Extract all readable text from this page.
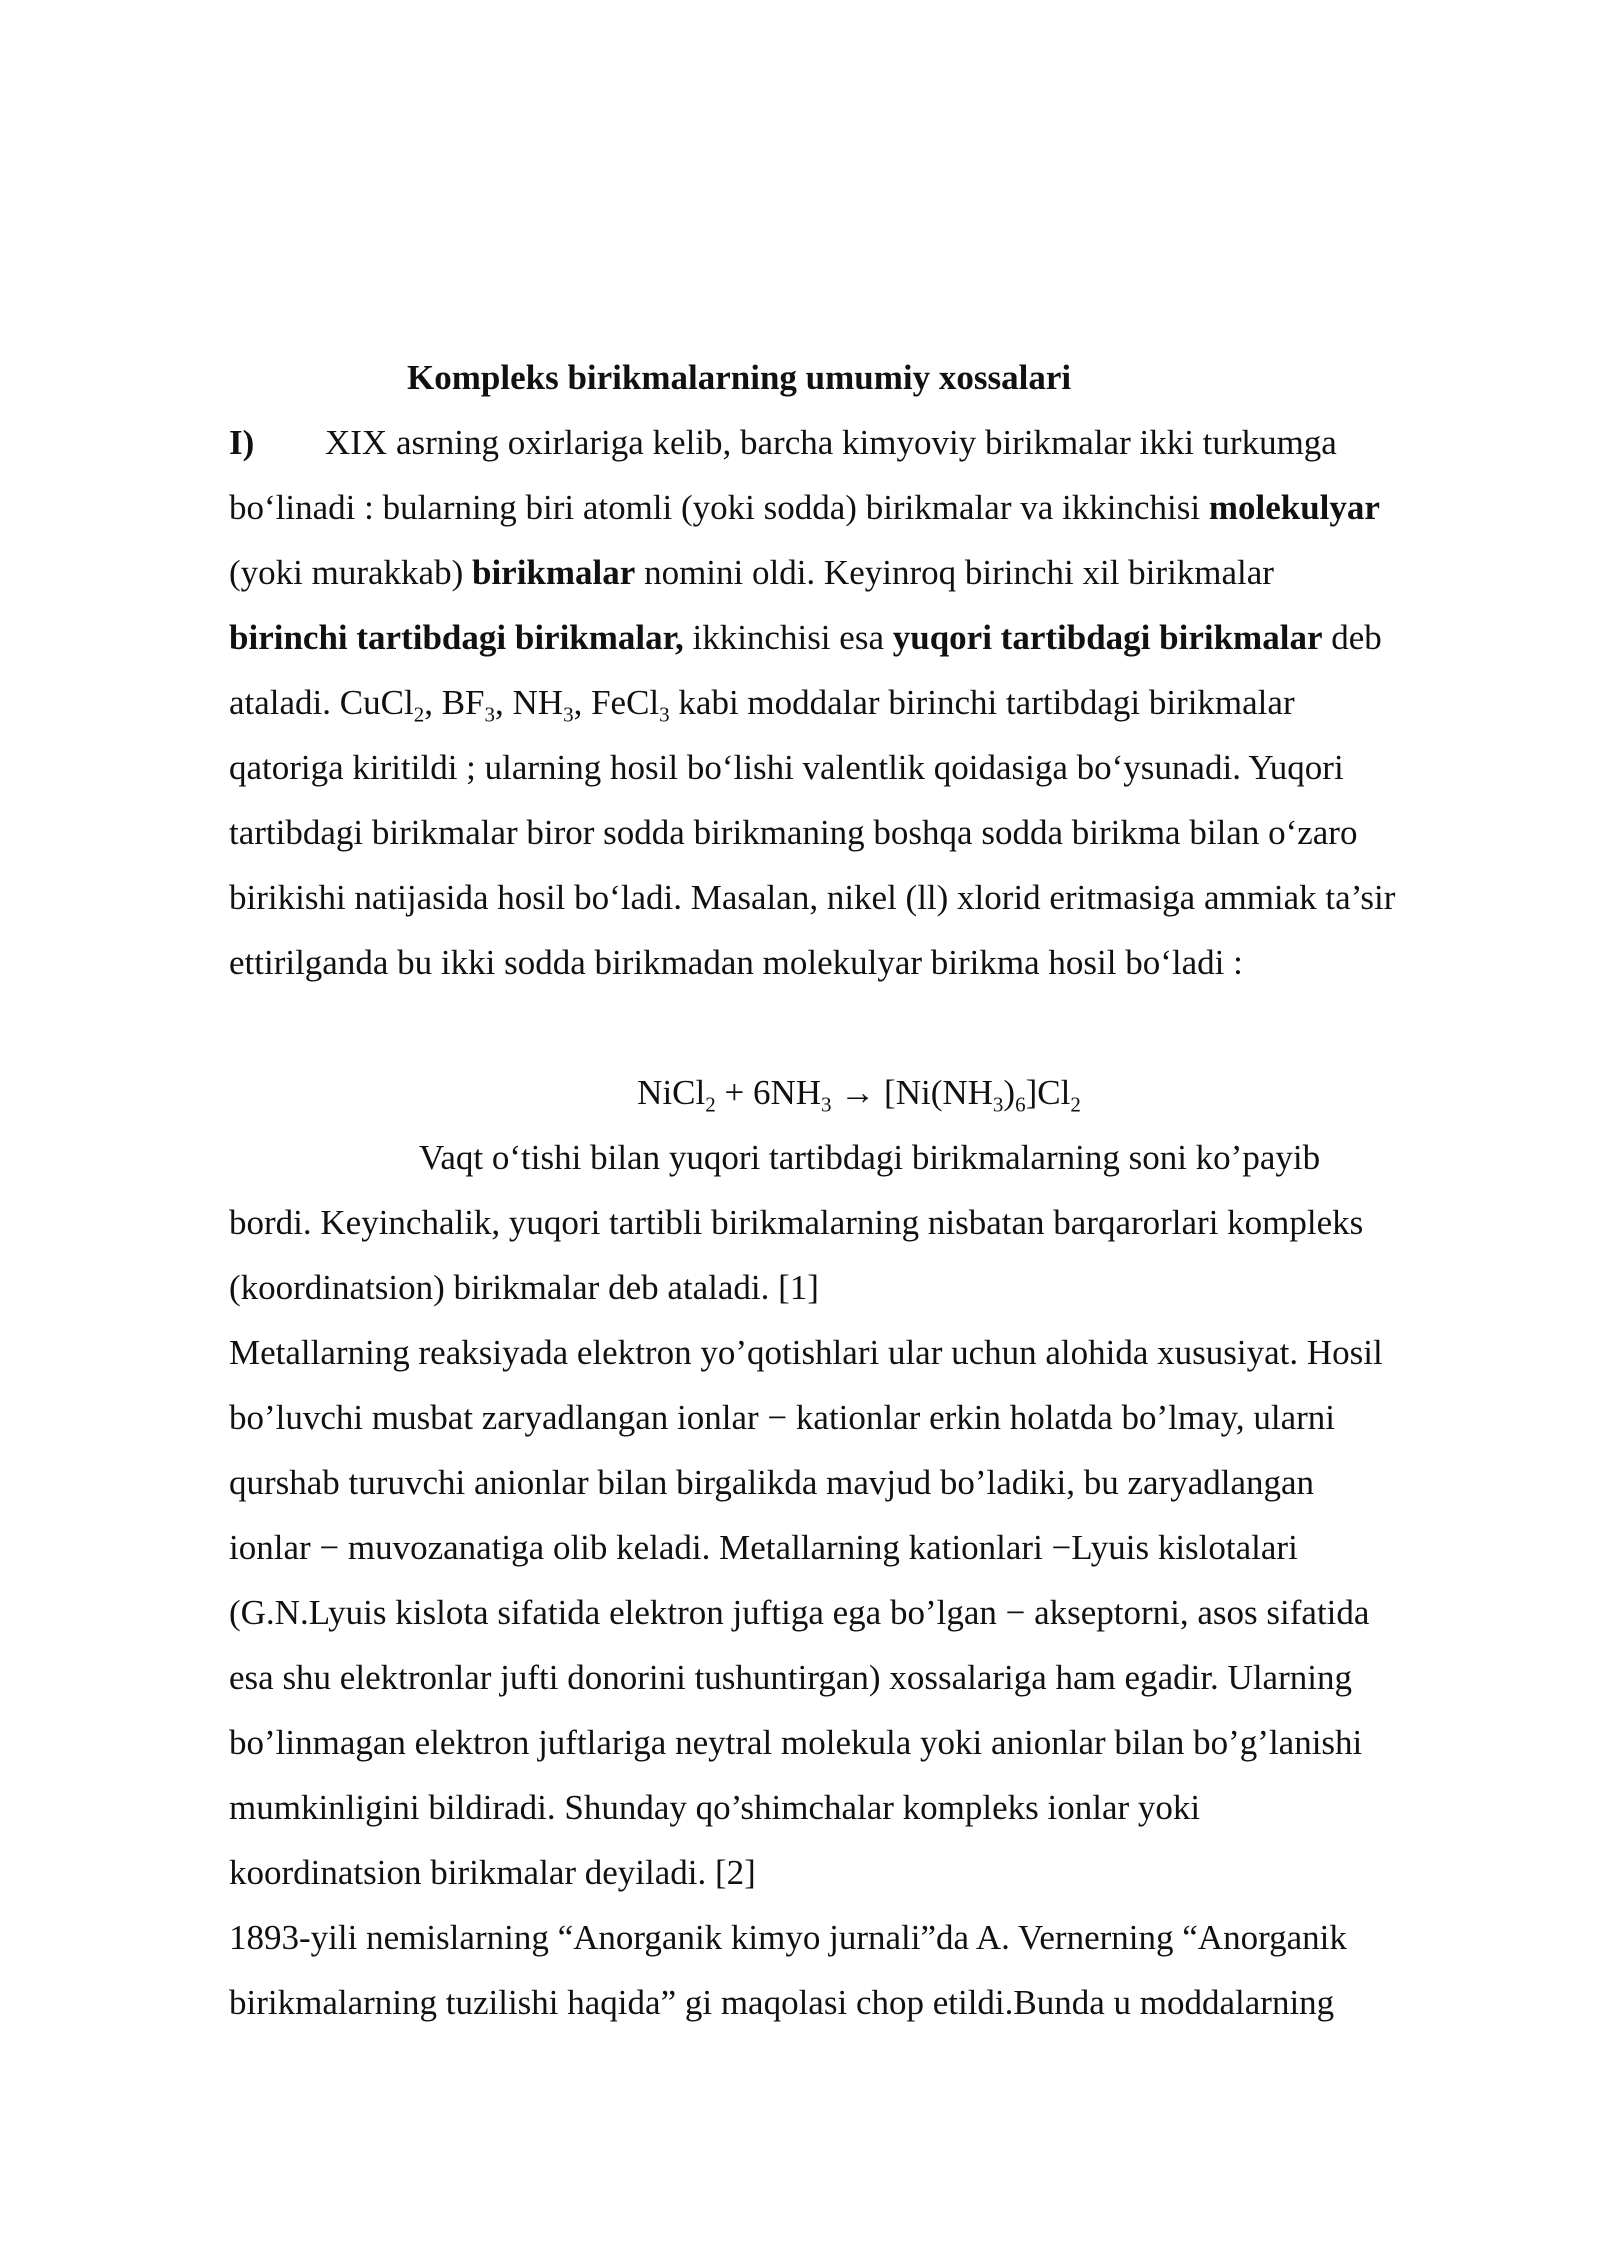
Kompleks birikmalarning umumiy xossalari
I) XIX asrning oxirlariga kelib, barcha kimyoviy birikmalar ikki turkumga
bo‘linadi : bularning biri atomli (yoki sodda) birikmalar va ikkinchisi molekulyar
(yoki murakkab) birikmalar nomini oldi. Keyinroq birinchi xil birikmalar
birinchi tartibdagi birikmalar, ikkinchisi esa yuqori tartibdagi birikmalar deb
ataladi. CuCl$_2$, $BF_3$, $NH_3$, FeCl$_3$ kabi moddalar birinchi tartibdagi birikmalar
qatoriga kiritildi ; ularning hosil bo‘lishi valentlik qoidasiga bo‘ysunadi. Yuqori
tartibdagi birikmalar biror sodda birikmaning boshqa sodda birikma bilan o‘zaro
birikishi natijasida hosil bo‘ladi. Masalan, nikel (ll) xlorid eritmasiga ammiak ta’sir
ettirilganda bu ikki sodda birikmadan molekulyar birikma hosil bo‘ladi :
NiCl$_2$ + $6NH_3 \to [Ni(NH_3)_6]Cl_2$
Vaqt o‘tishi bilan yuqori tartibdagi birikmalarning soni ko’payib
bordi. Keyinchalik, yuqori tartibli birikmalarning nisbatan barqarorlari kompleks
(koordinatsion) birikmalar deb ataladi. [1]
Metallarning reaksiyada elektron yo’qotishlari ular uchun alohida xususiyat. Hosil
bo’luvchi musbat zaryadlangan ionlar − kationlar erkin holatda bo’lmay, ularni
qurshab turuvchi anionlar bilan birgalikda mavjud bo’ladiki, bu zaryadlangan
ionlar − muvozanatiga olib keladi. Metallarning kationlari −Lyuis kislotalari
(G.N.Lyuis kislota sifatida elektron juftiga ega bo’lgan − akseptorni, asos sifatida
esa shu elektronlar jufti donorini tushuntirgan) xossalariga ham egadir. Ularning
bo’linmagan elektron juftlariga neytral molekula yoki anionlar bilan bo’g’lanishi
mumkinligini bildiradi. Shunday qo’shimchalar kompleks ionlar yoki
koordinatsion birikmalar deyiladi. [2]
1893-yili nemislarning “Anorganik kimyo jurnali”da A. Vernerning “Anorganik
birikmalarning tuzilishi haqida” gi maqolasi chop etildi.Bunda u moddalarning
